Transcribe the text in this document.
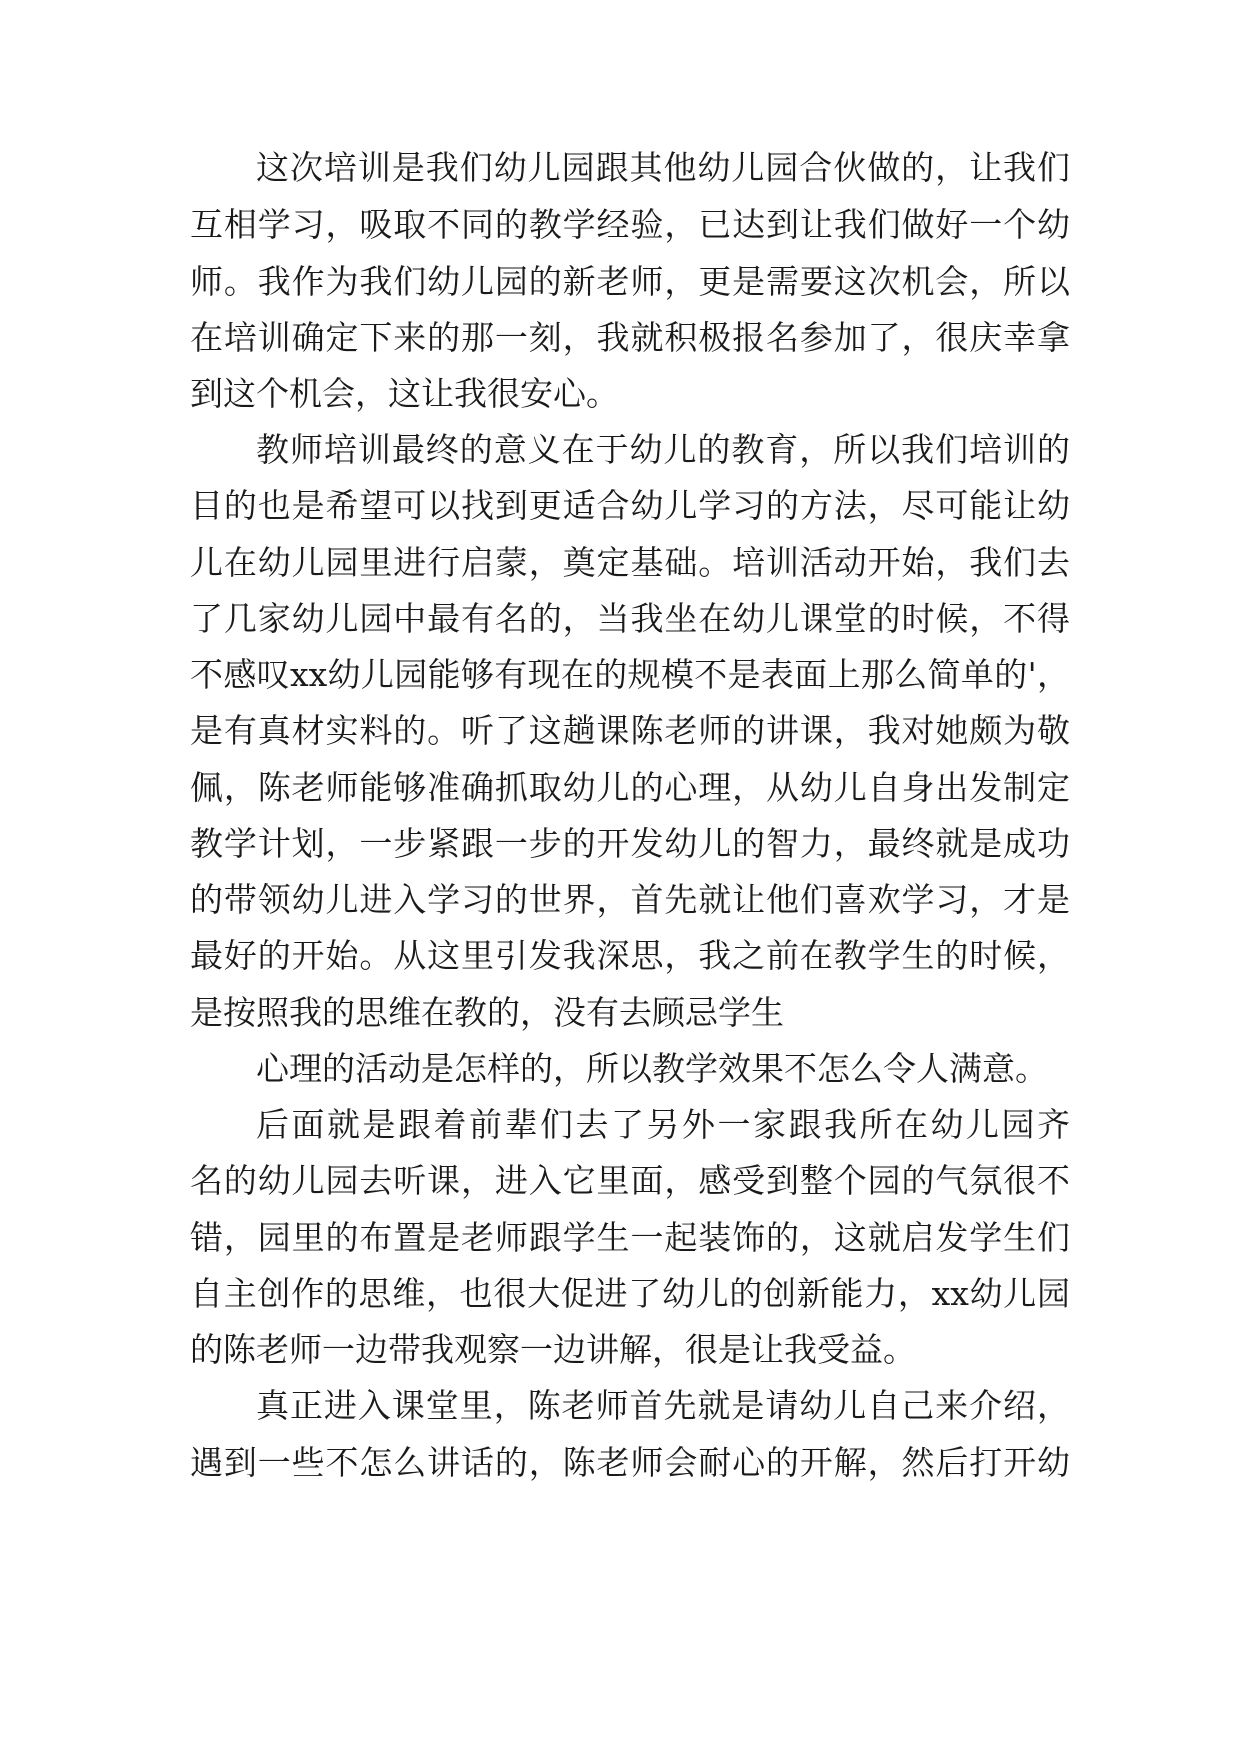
这次培训是我们幼儿园跟其他幼儿园合伙做的，让我们

互相学习，吸取不同的教学经验，已达到让我们做好一个幼

师。我作为我们幼儿园的新老师，更是需要这次机会，所以

在培训确定下来的那一刻，我就积极报名参加了，很庆幸拿

到这个机会，这让我很安心。

教师培训最终的意义在于幼儿的教育，所以我们培训的

目的也是希望可以找到更适合幼儿学习的方法，尽可能让幼

儿在幼儿园里进行启蒙，奠定基础。培训活动开始，我们去

了几家幼儿园中最有名的，当我坐在幼儿课堂的时候，不得

不感叹xx幼儿园能够有现在的规模不是表面上那么简单的'，

是有真材实料的。听了这趟课陈老师的讲课，我对她颇为敬

佩，陈老师能够准确抓取幼儿的心理，从幼儿自身出发制定

教学计划，一步紧跟一步的开发幼儿的智力，最终就是成功

的带领幼儿进入学习的世界，首先就让他们喜欢学习，才是

最好的开始。从这里引发我深思，我之前在教学生的时候，

是按照我的思维在教的，没有去顾忌学生

心理的活动是怎样的，所以教学效果不怎么令人满意。

后面就是跟着前辈们去了另外一家跟我所在幼儿园齐

名的幼儿园去听课，进入它里面，感受到整个园的气氛很不

错，园里的布置是老师跟学生一起装饰的，这就启发学生们

自主创作的思维，也很大促进了幼儿的创新能力，xx幼儿园

的陈老师一边带我观察一边讲解，很是让我受益。

真正进入课堂里，陈老师首先就是请幼儿自己来介绍，

遇到一些不怎么讲话的，陈老师会耐心的开解，然后打开幼
